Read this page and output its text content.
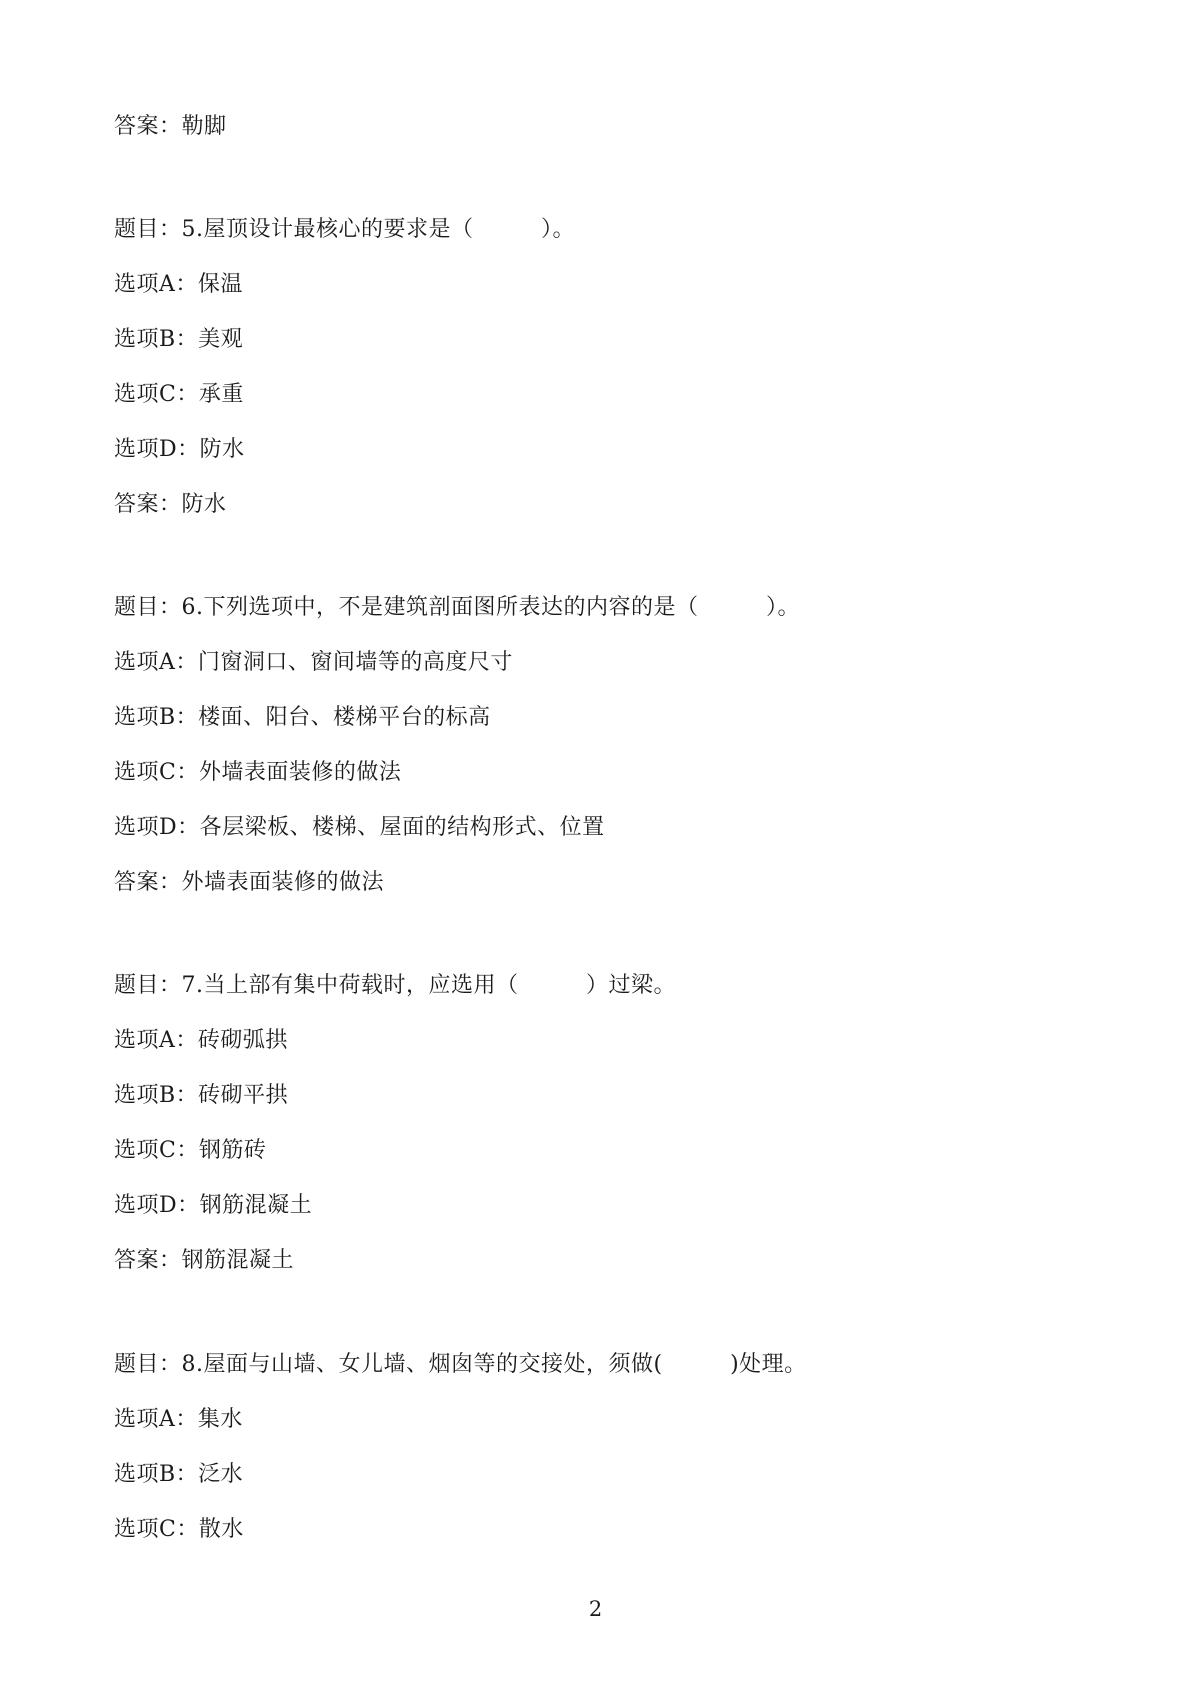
答案：勒脚
题目：5.屋顶设计最核心的要求是（　　　）。
选项A：保温
选项B：美观
选项C：承重
选项D：防水
答案：防水
题目：6.下列选项中，不是建筑剖面图所表达的内容的是（　　　）。
选项A：门窗洞口、窗间墙等的高度尺寸
选项B：楼面、阳台、楼梯平台的标高
选项C：外墙表面装修的做法
选项D：各层梁板、楼梯、屋面的结构形式、位置
答案：外墙表面装修的做法
题目：7.当上部有集中荷载时，应选用（　　　）过梁。
选项A：砖砌弧拱
选项B：砖砌平拱
选项C：钢筋砖
选项D：钢筋混凝土
答案：钢筋混凝土
题目：8.屋面与山墙、女儿墙、烟囱等的交接处，须做(　　　)处理。
选项A：集水
选项B：泛水
选项C：散水
2
